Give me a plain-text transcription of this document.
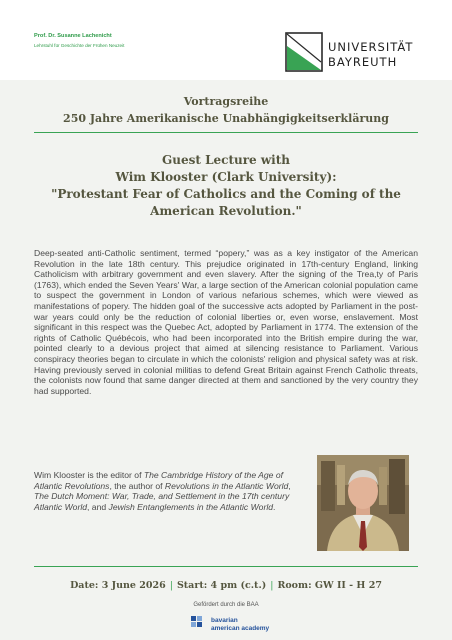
Prof. Dr. Susanne Lachenicht
Lehrstuhl für Geschichte der Frühen Neuzeit	UNIVERSITÄT
BAYREUTH
Vortragsreihe
250 Jahre Amerikanische Unabhängigkeitserklärung
Guest Lecture with
Wim Klooster (Clark University):
"Protestant Fear of Catholics and the Coming of the
American Revolution."
Deep-seated anti-Catholic sentiment, termed “popery,” was as a key instigator of the American Revolution in the late 18th century. This prejudice originated in 17th-century England, linking Catholicism with arbitrary government and even slavery. After the signing of the Trea,ty of Paris (1763), which ended the Seven Years' War, a large section of the American colonial population came to suspect the government in London of various nefarious schemes, which were viewed as manifestations of popery. The hidden goal of the successive acts adopted by Parliament in the post-war years could only be the reduction of colonial liberties or, even worse, enslavement. Most significant in this respect was the Quebec Act, adopted by Parliament in 1774. The extension of the rights of Catholic Québécois, who had been incorporated into the British empire during the war, pointed clearly to a devious project that aimed at silencing resistance to Parliament. Various conspiracy theories began to circulate in which the colonists' religion and physical safety was at risk. Having previously served in colonial militias to defend Great Britain against French Catholic threats, the colonists now found that same danger directed at them and sanctioned by the very country they had supported.
Wim Klooster is the editor of The Cambridge History of the Age of Atlantic Revolutions, the author of Revolutions in the Atlantic World, The Dutch Moment: War, Trade, and Settlement in the 17th century Atlantic World, and Jewish Entanglements in the Atlantic World.
Date: 3 June 2026 | Start: 4 pm (c.t.) | Room: GW II - H 27
Gefördert durch die BAA
bavarian
american academy
